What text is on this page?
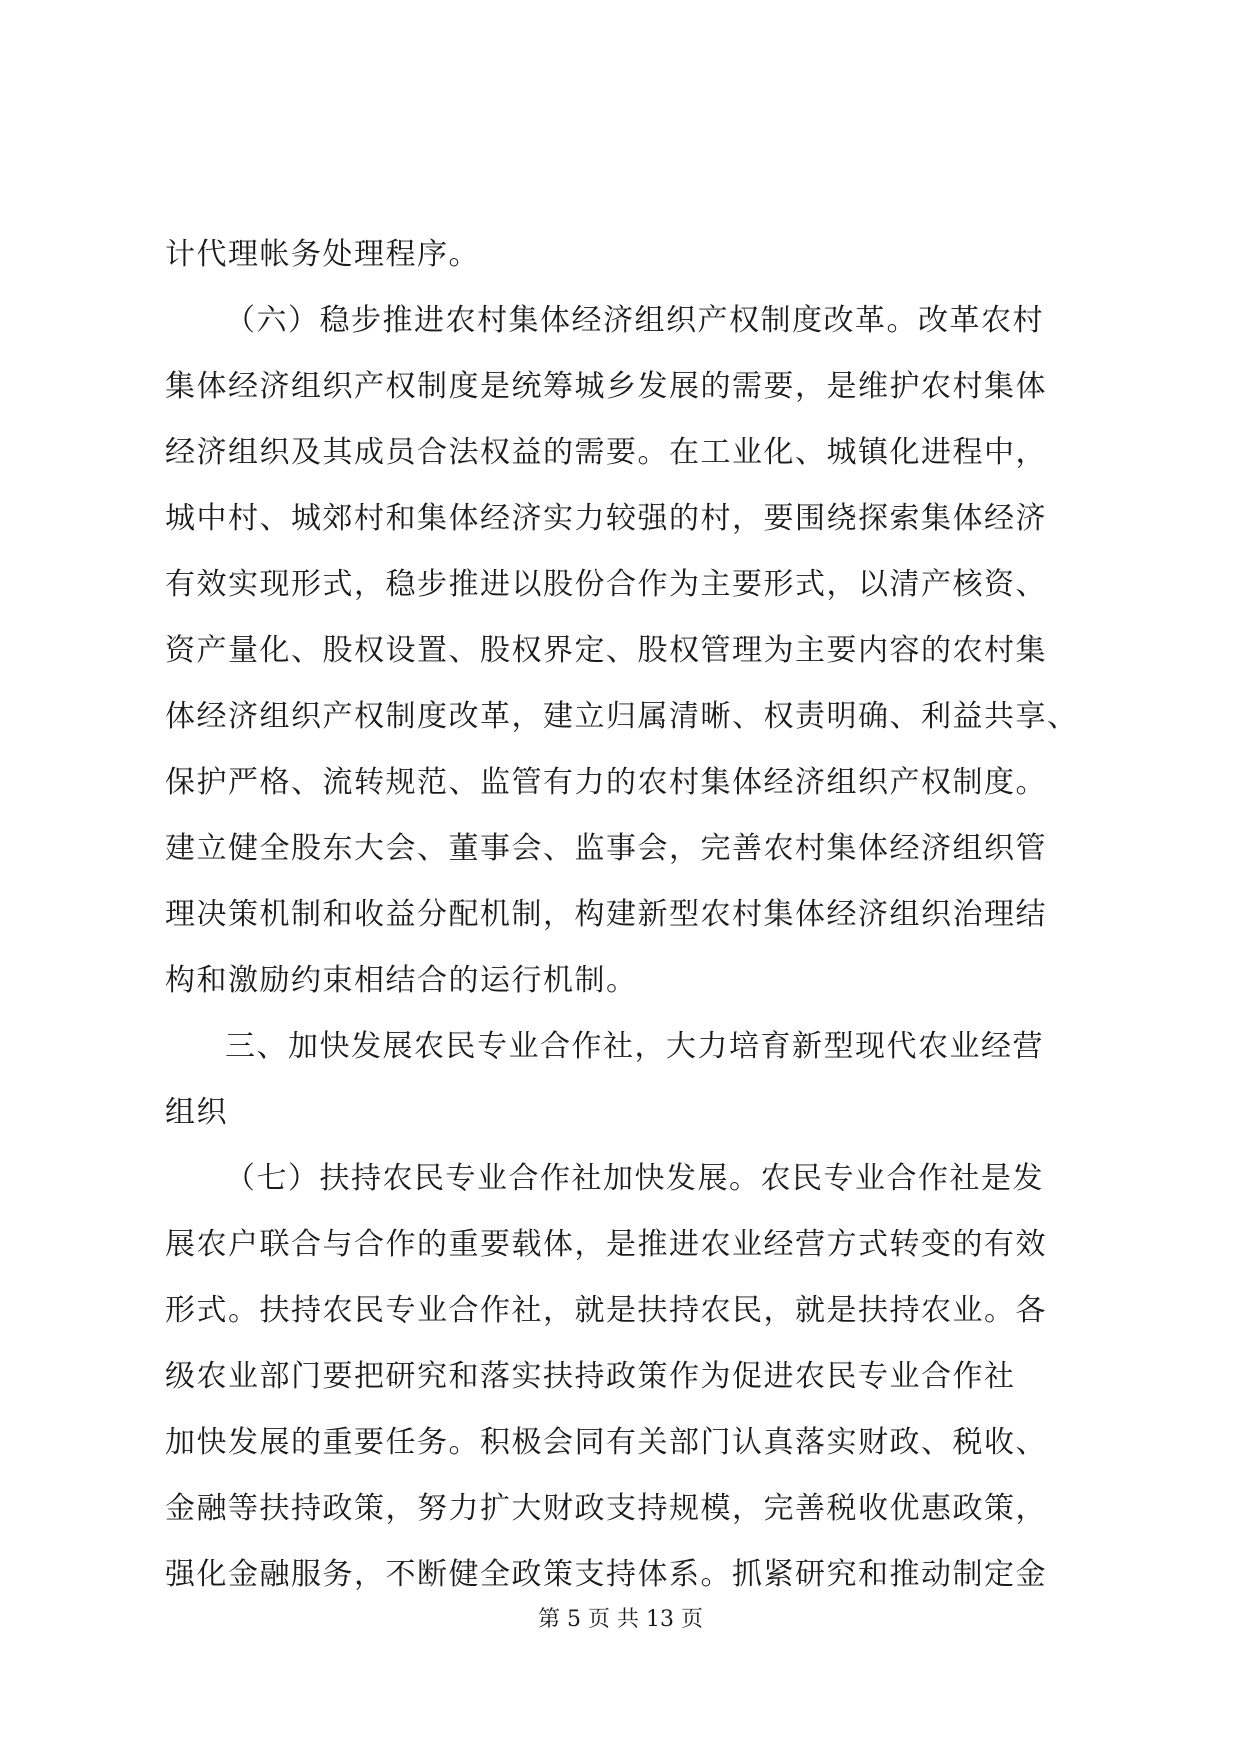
计代理帐务处理程序。
（六）稳步推进农村集体经济组织产权制度改革。改革农村
集体经济组织产权制度是统筹城乡发展的需要，是维护农村集体
经济组织及其成员合法权益的需要。在工业化、城镇化进程中，
城中村、城郊村和集体经济实力较强的村，要围绕探索集体经济
有效实现形式，稳步推进以股份合作为主要形式，以清产核资、
资产量化、股权设置、股权界定、股权管理为主要内容的农村集
体经济组织产权制度改革，建立归属清晰、权责明确、利益共享、
保护严格、流转规范、监管有力的农村集体经济组织产权制度。
建立健全股东大会、董事会、监事会，完善农村集体经济组织管
理决策机制和收益分配机制，构建新型农村集体经济组织治理结
构和激励约束相结合的运行机制。
三、加快发展农民专业合作社，大力培育新型现代农业经营
组织
（七）扶持农民专业合作社加快发展。农民专业合作社是发
展农户联合与合作的重要载体，是推进农业经营方式转变的有效
形式。扶持农民专业合作社，就是扶持农民，就是扶持农业。各
级农业部门要把研究和落实扶持政策作为促进农民专业合作社
加快发展的重要任务。积极会同有关部门认真落实财政、税收、
金融等扶持政策，努力扩大财政支持规模，完善税收优惠政策，
强化金融服务，不断健全政策支持体系。抓紧研究和推动制定金
第 5 页 共 13 页
